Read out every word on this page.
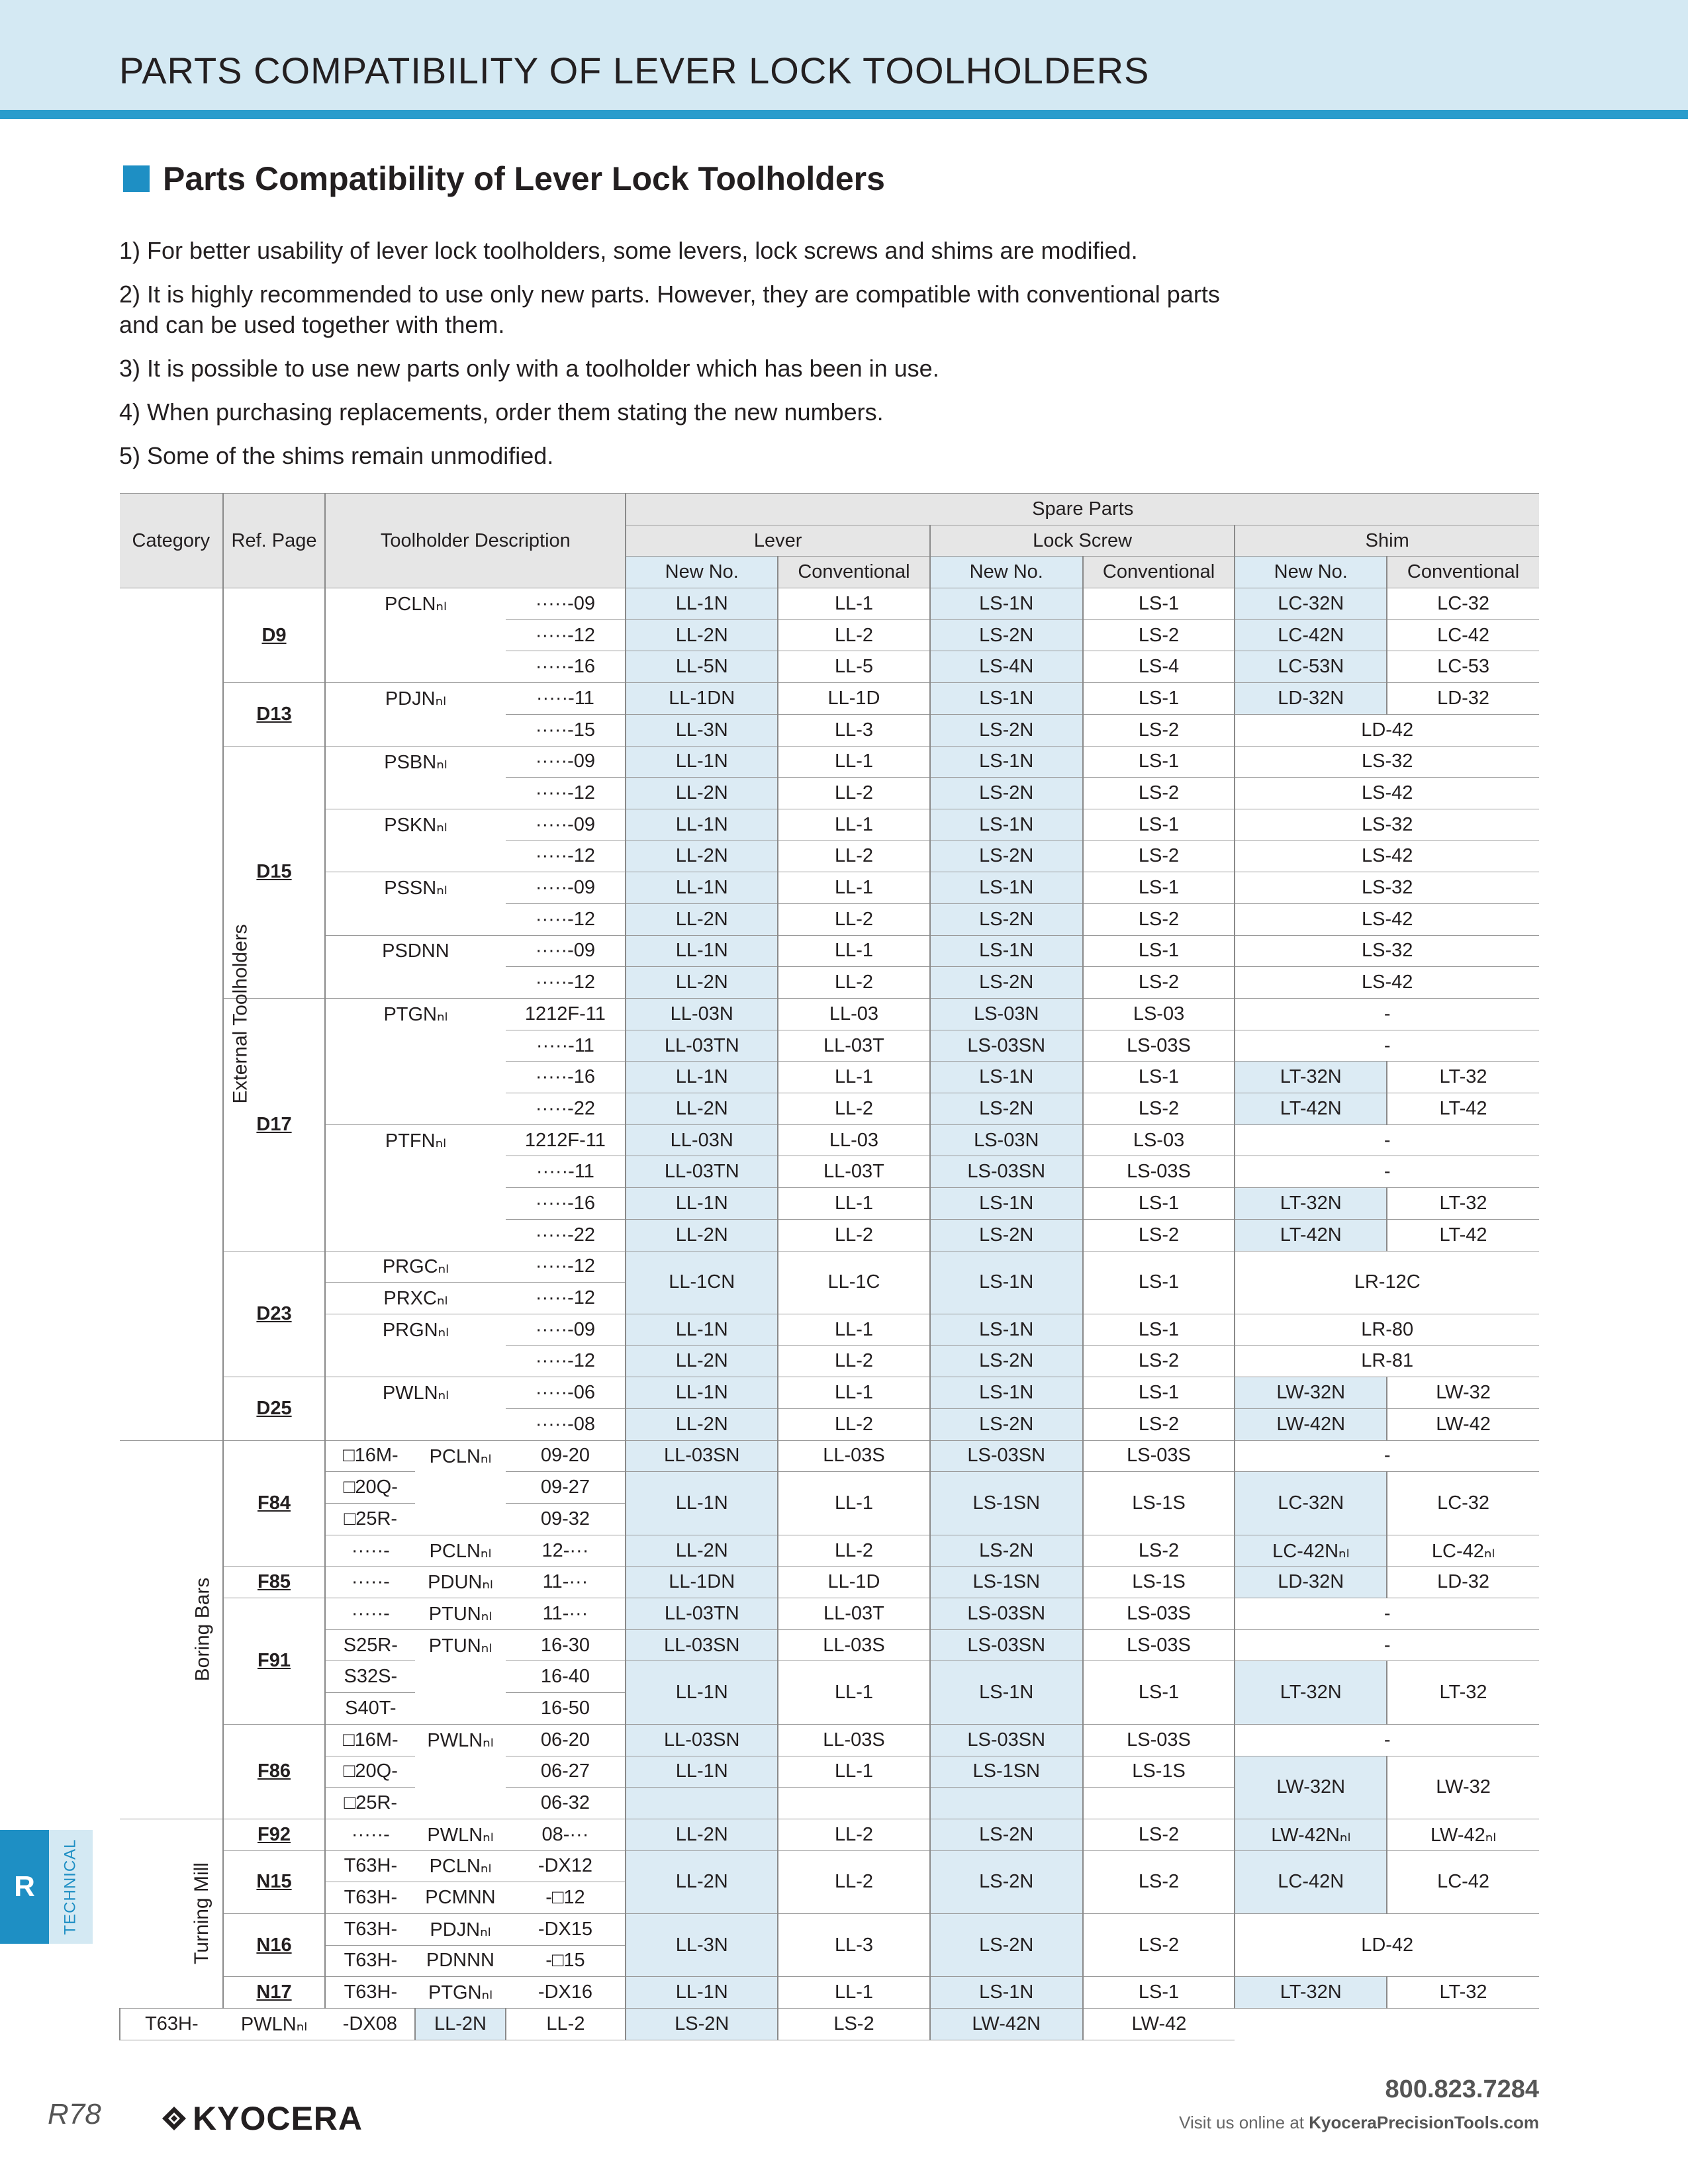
PARTS COMPATIBILITY OF LEVER LOCK TOOLHOLDERS
Parts Compatibility of Lever Lock Toolholders

1) For better usability of lever lock toolholders, some levers, lock screws and shims are modified.

2) It is highly recommended to use only new parts. However, they are compatible with conventional parts and can be used together with them.

3) It is possible to use new parts only with a toolholder which has been in use.

4) When purchasing replacements, order them stating the new numbers.

5) Some of the shims remain unmodified.

Category	Ref. Page	Toolholder Description			Spare Parts					
					Lever		Lock Screw		Shim	
					New No.	Conventional	New No.	Conventional	New No.	Conventional

External Toolholders	D9	PCLNₙₗ		·····-09	LL-1N	LL-1	LS-1N	LS-1	LC-32N	LC-32
				·····-12	LL-2N	LL-2	LS-2N	LS-2	LC-42N	LC-42
				·····-16	LL-5N	LL-5	LS-4N	LS-4	LC-53N	LC-53
	D13	PDJNₙₗ		·····-11	LL-1DN	LL-1D	LS-1N	LS-1	LD-32N	LD-32
				·····-15	LL-3N	LL-3	LS-2N	LS-2	LD-42	
	D15	PSBNₙₗ		·····-09	LL-1N	LL-1	LS-1N	LS-1	LS-32	
				·····-12	LL-2N	LL-2	LS-2N	LS-2	LS-42	
		PSKNₙₗ		·····-09	LL-1N	LL-1	LS-1N	LS-1	LS-32	
				·····-12	LL-2N	LL-2	LS-2N	LS-2	LS-42	
		PSSNₙₗ		·····-09	LL-1N	LL-1	LS-1N	LS-1	LS-32	
				·····-12	LL-2N	LL-2	LS-2N	LS-2	LS-42	
		PSDNN		·····-09	LL-1N	LL-1	LS-1N	LS-1	LS-32	
				·····-12	LL-2N	LL-2	LS-2N	LS-2	LS-42	
	D17	PTGNₙₗ		1212F-11	LL-03N	LL-03	LS-03N	LS-03	-	
				·····-11	LL-03TN	LL-03T	LS-03SN	LS-03S	-	
				·····-16	LL-1N	LL-1	LS-1N	LS-1	LT-32N	LT-32
				·····-22	LL-2N	LL-2	LS-2N	LS-2	LT-42N	LT-42
		PTFNₙₗ		1212F-11	LL-03N	LL-03	LS-03N	LS-03	-	
				·····-11	LL-03TN	LL-03T	LS-03SN	LS-03S	-	
				·····-16	LL-1N	LL-1	LS-1N	LS-1	LT-32N	LT-32
				·····-22	LL-2N	LL-2	LS-2N	LS-2	LT-42N	LT-42
	D23	PRGCₙₗ		·····-12	LL-1CN	LL-1C	LS-1N	LS-1	LR-12C	
		PRXCₙₗ		·····-12						
		PRGNₙₗ		·····-09	LL-1N	LL-1	LS-1N	LS-1	LR-80	
				·····-12	LL-2N	LL-2	LS-2N	LS-2	LR-81	
	D25	PWLNₙₗ		·····-06	LL-1N	LL-1	LS-1N	LS-1	LW-32N	LW-32
				·····-08	LL-2N	LL-2	LS-2N	LS-2	LW-42N	LW-42

Boring Bars	F84	□16M-	PCLNₙₗ	09-20	LL-03SN	LL-03S	LS-03SN	LS-03S	-	
		□20Q-		09-27	LL-1N	LL-1	LS-1SN	LS-1S	LC-32N	LC-32
		□25R-		09-32						
		·····-	PCLNₙₗ	12-···	LL-2N	LL-2	LS-2N	LS-2	LC-42Nₙₗ	LC-42ₙₗ
	F85	·····-	PDUNₙₗ	11-···	LL-1DN	LL-1D	LS-1SN	LS-1S	LD-32N	LD-32
	F91	·····-	PTUNₙₗ	11-···	LL-03TN	LL-03T	LS-03SN	LS-03S	-	
		S25R-	PTUNₙₗ	16-30	LL-03SN	LL-03S	LS-03SN	LS-03S	-	
		S32S-		16-40	LL-1N	LL-1	LS-1N	LS-1	LT-32N	LT-32
		S40T-		16-50						
	F86	□16M-	PWLNₙₗ	06-20	LL-03SN	LL-03S	LS-03SN	LS-03S	-	
		□20Q-		06-27	LL-1N	LL-1	LS-1SN	LS-1S	LW-32N	LW-32
		□25R-		06-32						

Turning Mill	F92	·····-	PWLNₙₗ	08-···	LL-2N	LL-2	LS-2N	LS-2	LW-42Nₙₗ	LW-42ₙₗ
	N15	T63H-	PCLNₙₗ	-DX12	LL-2N	LL-2	LS-2N	LS-2	LC-42N	LC-42
		T63H-	PCMNN	-□12						
	N16	T63H-	PDJNₙₗ	-DX15	LL-3N	LL-3	LS-2N	LS-2	LD-42	
		T63H-	PDNNN	-□15						
	N17	T63H-	PTGNₙₗ	-DX16	LL-1N	LL-1	LS-1N	LS-1	LT-32N	LT-32
T63H-	PWLNₙₗ	-DX08	LL-2N	LL-2	LS-2N	LS-2	LW-42N	LW-42		
R	TECHNICAL
R78	KYOCERA
800.823.7284
Visit us online at KyoceraPrecisionTools.com
